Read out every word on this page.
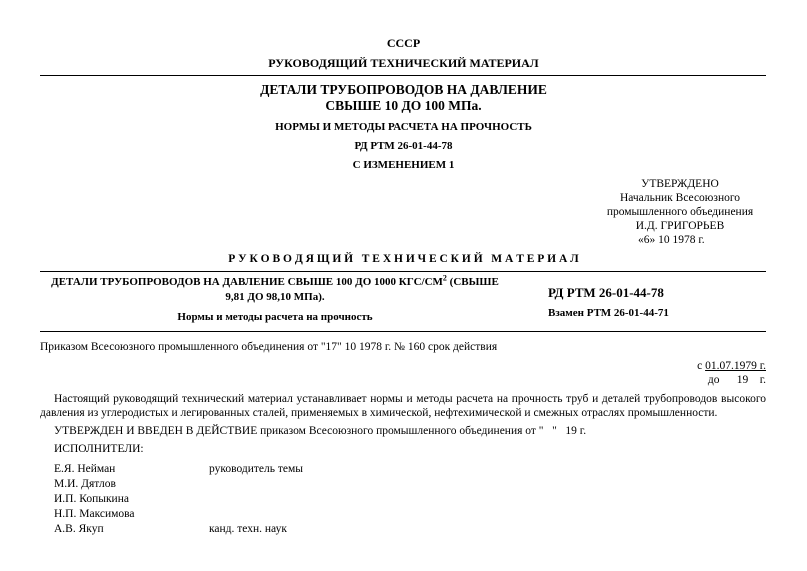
СССР
РУКОВОДЯЩИЙ ТЕХНИЧЕСКИЙ МАТЕРИАЛ
ДЕТАЛИ ТРУБОПРОВОДОВ НА ДАВЛЕНИЕ
СВЫШЕ 10 ДО 100 МПа.
НОРМЫ И МЕТОДЫ РАСЧЕТА НА ПРОЧНОСТЬ
РД РТМ 26-01-44-78
С ИЗМЕНЕНИЕМ 1
УТВЕРЖДЕНО
Начальник Всесоюзного
промышленного объединения
И.Д. ГРИГОРЬЕВ
«6» 10 1978 г.
Р У К О В О Д Я Щ И Й   Т Е Х Н И Ч Е С К И Й   М А Т Е Р И А Л
ДЕТАЛИ ТРУБОПРОВОДОВ НА ДАВЛЕНИЕ СВЫШЕ 100 ДО 1000 КГС/$СМ^2$ (СВЫШЕ
9,81 ДО 98,10 МПа).
Нормы и методы расчета на прочность
РД РТМ 26-01-44-78
Взамен РТМ 26-01-44-71
Приказом Всесоюзного промышленного объединения от "17" 10 1978 г. № 160 срок действия
с 01.07.1979 г.
до      19    г.
Настоящий руководящий технический материал устанавливает нормы и методы расчета на прочность труб и деталей трубопроводов высокого давления из углеродистых и легированных сталей, применяемых в химической, нефтехимической и смежных отраслях промышленности.
УТВЕРЖДЕН И ВВЕДЕН В ДЕЙСТВИЕ приказом Всесоюзного промышленного объединения от "   "   19 г.
ИСПОЛНИТЕЛИ:
Е.Я. Нейман	руководитель темы
М.И. Дятлов
И.П. Копыкина
Н.П. Максимова
А.В. Якуп	канд. техн. наук
